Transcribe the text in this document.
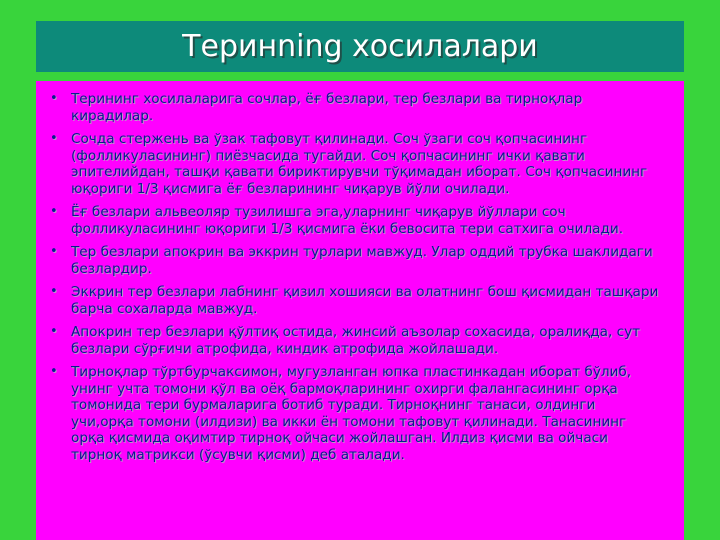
Теринning хосилалари
• Терининг хосилаларига сочлар, ёғ безлари, тер безлари ва тирноқлар кирадилар.
• Сочда стержень ва ўзак тафовут қилинади. Соч ўзаги соч қопчасининг (фолликуласининг) пиёзчасида тугайди. Соч қопчасининг ички қавати эпителийдан, ташқи қавати бириктирувчи тўқимадан иборат. Соч қопчасининг юқориги 1/3 қисмига ёғ безларининг чиқарув йўли очилади.
• Ёғ безлари альвеоляр тузилишга эга,уларнинг чиқарув йўллари соч фолликуласининг юқориги 1/3 қисмига ёки бевосита тери сатхига очилади.
• Тер безлари апокрин ва эккрин турлари мавжуд. Улар оддий трубка шаклидаги безлардир.
• Эккрин тер безлари лабнинг қизил хошияси ва олатнинг бош қисмидан ташқари барча сохаларда мавжуд.
• Апокрин тер безлари қўлтиқ остида, жинсий аъзолар сохасида, оралиқда, сут безлари сўрғичи атрофида, киндик атрофида жойлашади.
• Тирноқлар тўртбурчаксимон, мугузланган юпка пластинкадан иборат бўлиб, унинг учта томони қўл ва оёқ бармоқларининг охирги фалангасининг орқа томонида тери бурмаларига ботиб туради. Тирноқнинг танаси, олдинги учи,орқа томони (илдизи) ва икки ён томони тафовут қилинади. Танасининг орқа қисмида оқимтир тирноқ ойчаси жойлашган. Илдиз қисми ва ойчаси тирноқ матрикси (ўсувчи қисми) деб аталади.
